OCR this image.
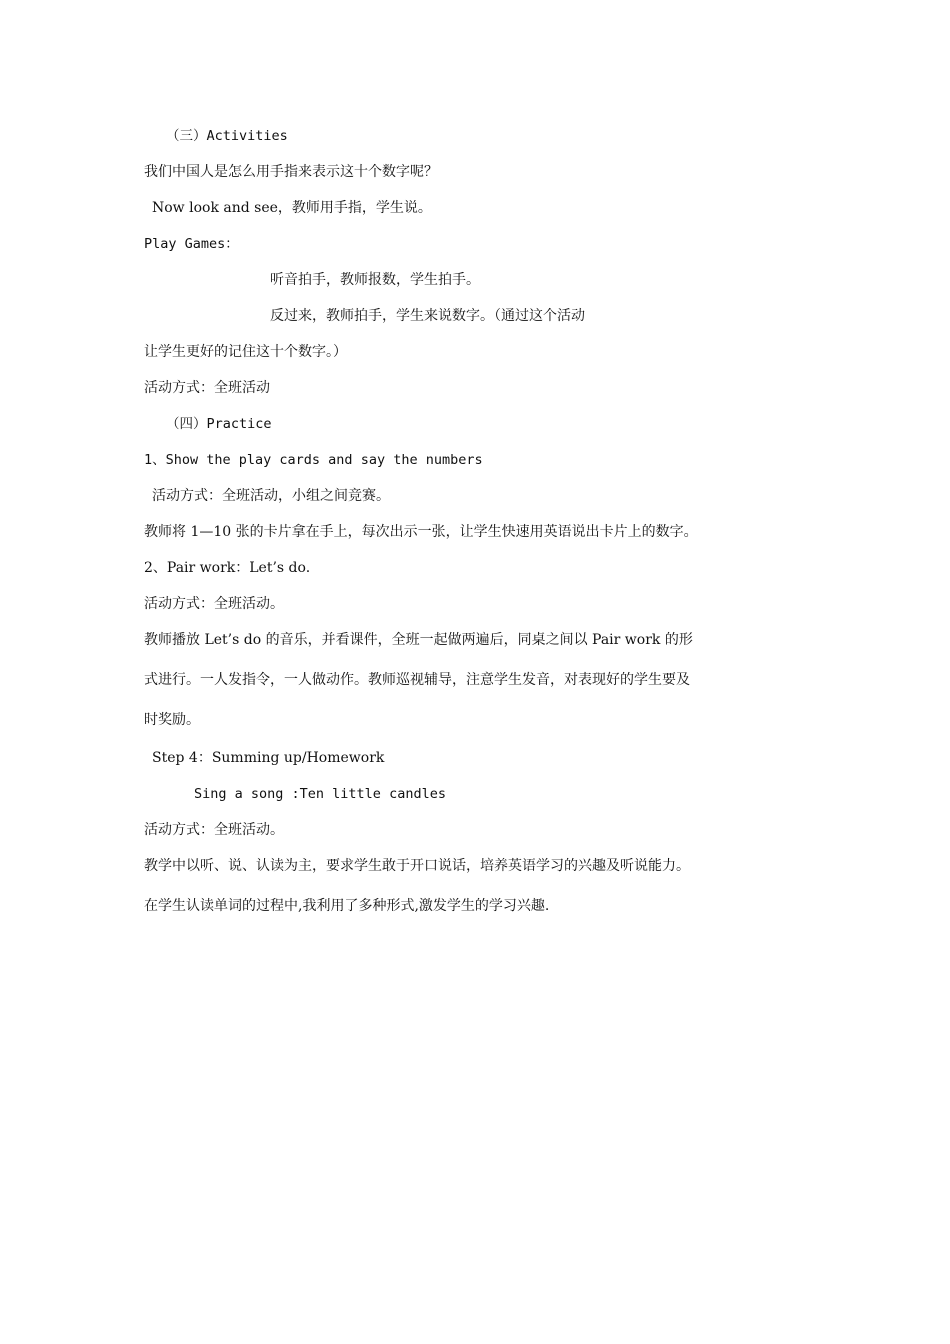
（三）Activities
我们中国人是怎么用手指来表示这十个数字呢？
Now look and see，教师用手指，学生说。
Play Games：
听音拍手，教师报数，学生拍手。
反过来，教师拍手，学生来说数字。（通过这个活动
让学生更好的记住这十个数字。）
活动方式：全班活动
（四）Practice
1、Show the play cards and say the numbers
活动方式：全班活动，小组之间竞赛。
教师将 1—10 张的卡片拿在手上，每次出示一张，让学生快速用英语说出卡片上的数字。
2、Pair work：Let’s do.
活动方式：全班活动。
教师播放 Let’s do 的音乐，并看课件，全班一起做两遍后，同桌之间以 Pair work 的形
式进行。一人发指令，一人做动作。教师巡视辅导，注意学生发音，对表现好的学生要及
时奖励。
Step 4：Summing up/Homework
Sing a song :Ten little candles
活动方式：全班活动。
教学中以听、说、认读为主，要求学生敢于开口说话，培养英语学习的兴趣及听说能力。
在学生认读单词的过程中,我利用了多种形式,激发学生的学习兴趣.
